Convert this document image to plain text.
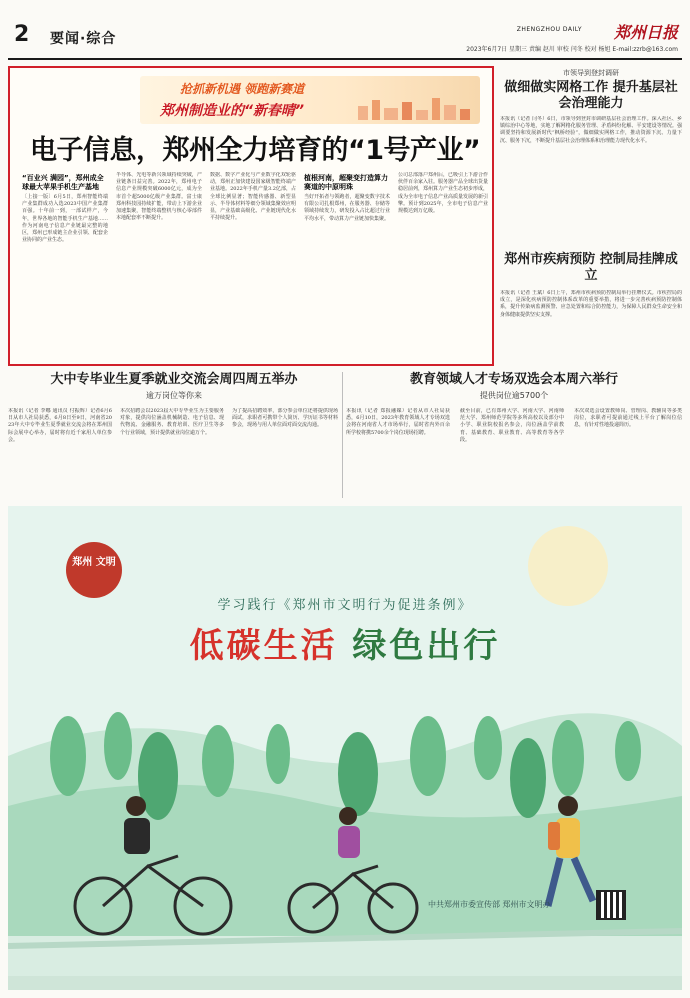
2 要闻·综合
ZHENGZHOU DAILY 郑州日报
2023年6月7日 星期三 责编 赵川 审校 闫冬 校对 杨旭 E-mail:zzrb@163.com
抢抓新机遇 领跑新赛道
郑州制造业的“新春晴”
电子信息，郑州全力培育的“1号产业”
“百业兴 满园”，郑州成全球最大苹果手机生产基地

〔上接一版〕6月5日，郑州智能终端产业集群成功入选2023中国产业集群百强。十年前一到，一部试样产，今年，世界各地的智能手机生产基地……作为河南电子信息产业链最完整的地区，郑州已形成链主企业引领、配套企业协同的产业生态。

半导体、光电等新兴领域持续突破，产业链条日益完善。2022年，郑州电子信息产业规模突破6000亿元，成为全市首个超5000亿级产业集群。富士康郑州科技园持续扩能，带动上下游企业加速集聚，智能终端整机与核心零部件本地配套率不断提升。

数据、数字产业化与产业数字化双轮驱动，郑州正加快建设国家级智能终端产业基地。2022年手机产量3.2亿部，占全球比例显著；智能传感器、新型显示、半导体材料等细分领域集聚效应明显，产业基础高级化、产业链现代化水平持续提升。

植根河南，超聚变打造算力赛道的中原明珠

当好开拓者与领跑者，超聚变数字技术有限公司扎根郑州，在服务器、存储等领域持续发力，研发投入占比超过行业平均水平，带动算力产业链加快集聚。

公司总部落户郑州后，已吸引上下游合作伙伴百余家入驻。服务器产品全球出货量稳居前列，郑州算力产业生态初步形成，成为全市电子信息产业高质量发展的新引擎。预计到2025年，全市电子信息产业规模达到万亿级。

市领导到登封调研
做细做实网格工作 提升基层社会治理能力

本报讯（记者 闫冬）6日，市领导到登封市调研基层社会治理工作。深入社区、乡镇综治中心等地，实地了解网格化服务管理、矛盾纠纷化解、平安建设等情况。强调要坚持和发展新时代“枫桥经验”，做细做实网格工作，推动资源下沉、力量下沉、服务下沉，不断提升基层社会治理体系和治理能力现代化水平。

郑州市疾病预防 控制局挂牌成立

本报讯（记者 王斌）6日上午，郑州市疾病预防控制局举行挂牌仪式。市疾控局的成立，是深化疾病预防控制体系改革的重要举措，将进一步完善疾病预防控制体系，提升传染病监测预警、应急处置和综合防控能力，为保障人民群众生命安全和身体健康提供坚实支撑。

大中专毕业生夏季就业交流会周四周五举办
逾万岗位等你来

本报讯（记者 李娜 通讯员 付振辉）记者6月6日从市人社局获悉，6月8日至9日，河南省2023年大中专毕业生夏季就业交流会将在郑州国际会展中心举办，届时将有近千家用人单位参会。

本次招聘会以2023届大中专毕业生为主要服务对象，提供岗位涵盖机械制造、电子信息、现代物流、金融服务、教育培训、医疗卫生等多个行业领域，预计提供就业岗位逾万个。

为了提高招聘效率，部分参会单位还将提供现场面试，求职者可携带个人简历、学历证书等材料参会，现场与用人单位面对面交流沟通。

教育领域人才专场双选会本周六举行
提供岗位逾5700个

本报讯（记者 郑报融媒）记者从市人社局获悉，6月10日，2023年教育领域人才专场双选会将在河南省人才市场举行，届时省内外百余所学校将携5700余个岗位现场招聘。

截至目前，已有郑州大学、河南大学、河南师范大学、郑州师范学院等多所高校以及部分中小学、职业院校报名参会，岗位涵盖学前教育、基础教育、职业教育、高等教育等各学段。

本次双选会设置教师岗、管理岗、教辅岗等多类岗位，求职者可提前通过线上平台了解岗位信息，有针对性地投递简历。

郑州 文明
学习践行《郑州市文明行为促进条例》
低碳生活 绿色出行
中共郑州市委宣传部 郑州市文明办
